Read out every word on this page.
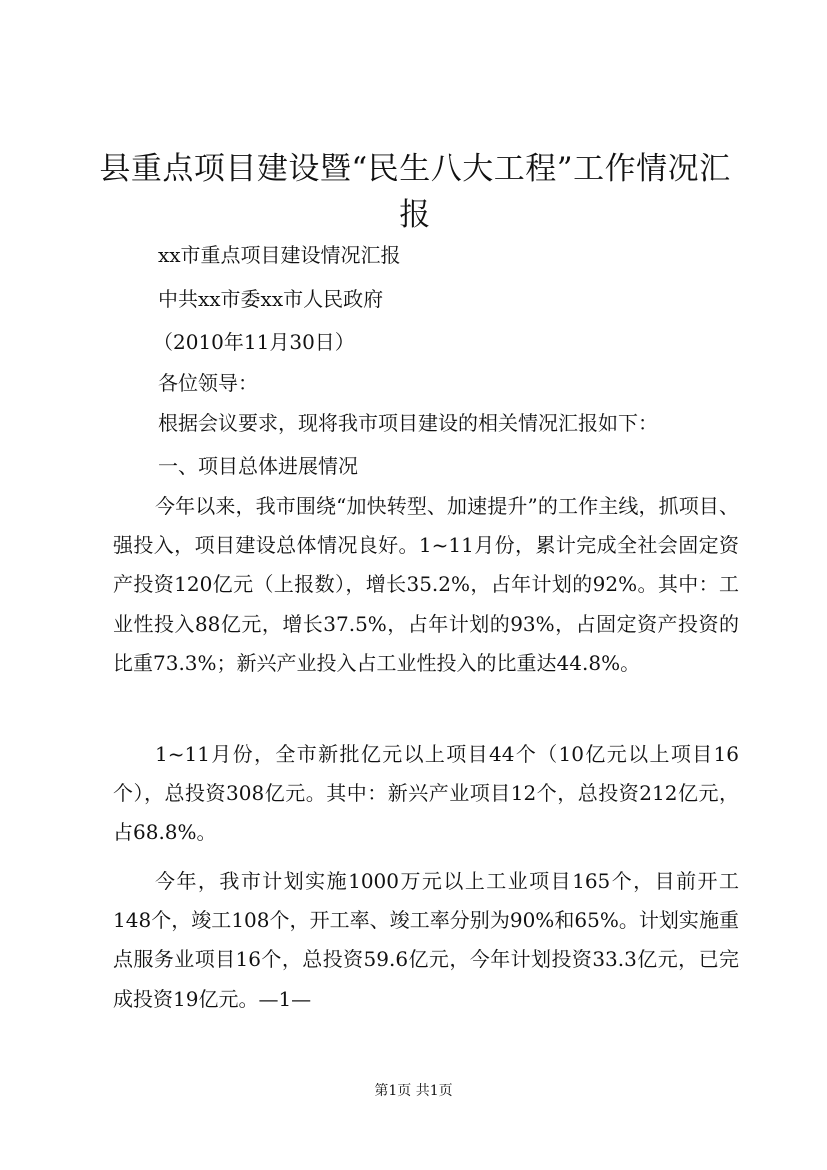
县重点项目建设暨“民生八大工程”工作情况汇报
xx市重点项目建设情况汇报
中共xx市委xx市人民政府
（2010年11月30日）
各位领导：
根据会议要求，现将我市项目建设的相关情况汇报如下：
一、项目总体进展情况
今年以来，我市围绕“加快转型、加速提升”的工作主线，抓项目、强投入，项目建设总体情况良好。1~11月份，累计完成全社会固定资产投资120亿元（上报数），增长35.2%，占年计划的92%。其中：工业性投入88亿元，增长37.5%，占年计划的93%，占固定资产投资的比重73.3%；新兴产业投入占工业性投入的比重达44.8%。
1~11月份，全市新批亿元以上项目44个（10亿元以上项目16个），总投资308亿元。其中：新兴产业项目12个，总投资212亿元，占68.8%。
今年，我市计划实施1000万元以上工业项目165个，目前开工148个，竣工108个，开工率、竣工率分别为90%和65%。计划实施重点服务业项目16个，总投资59.6亿元，今年计划投资33.3亿元，已完成投资19亿元。—1—
第1页 共1页
